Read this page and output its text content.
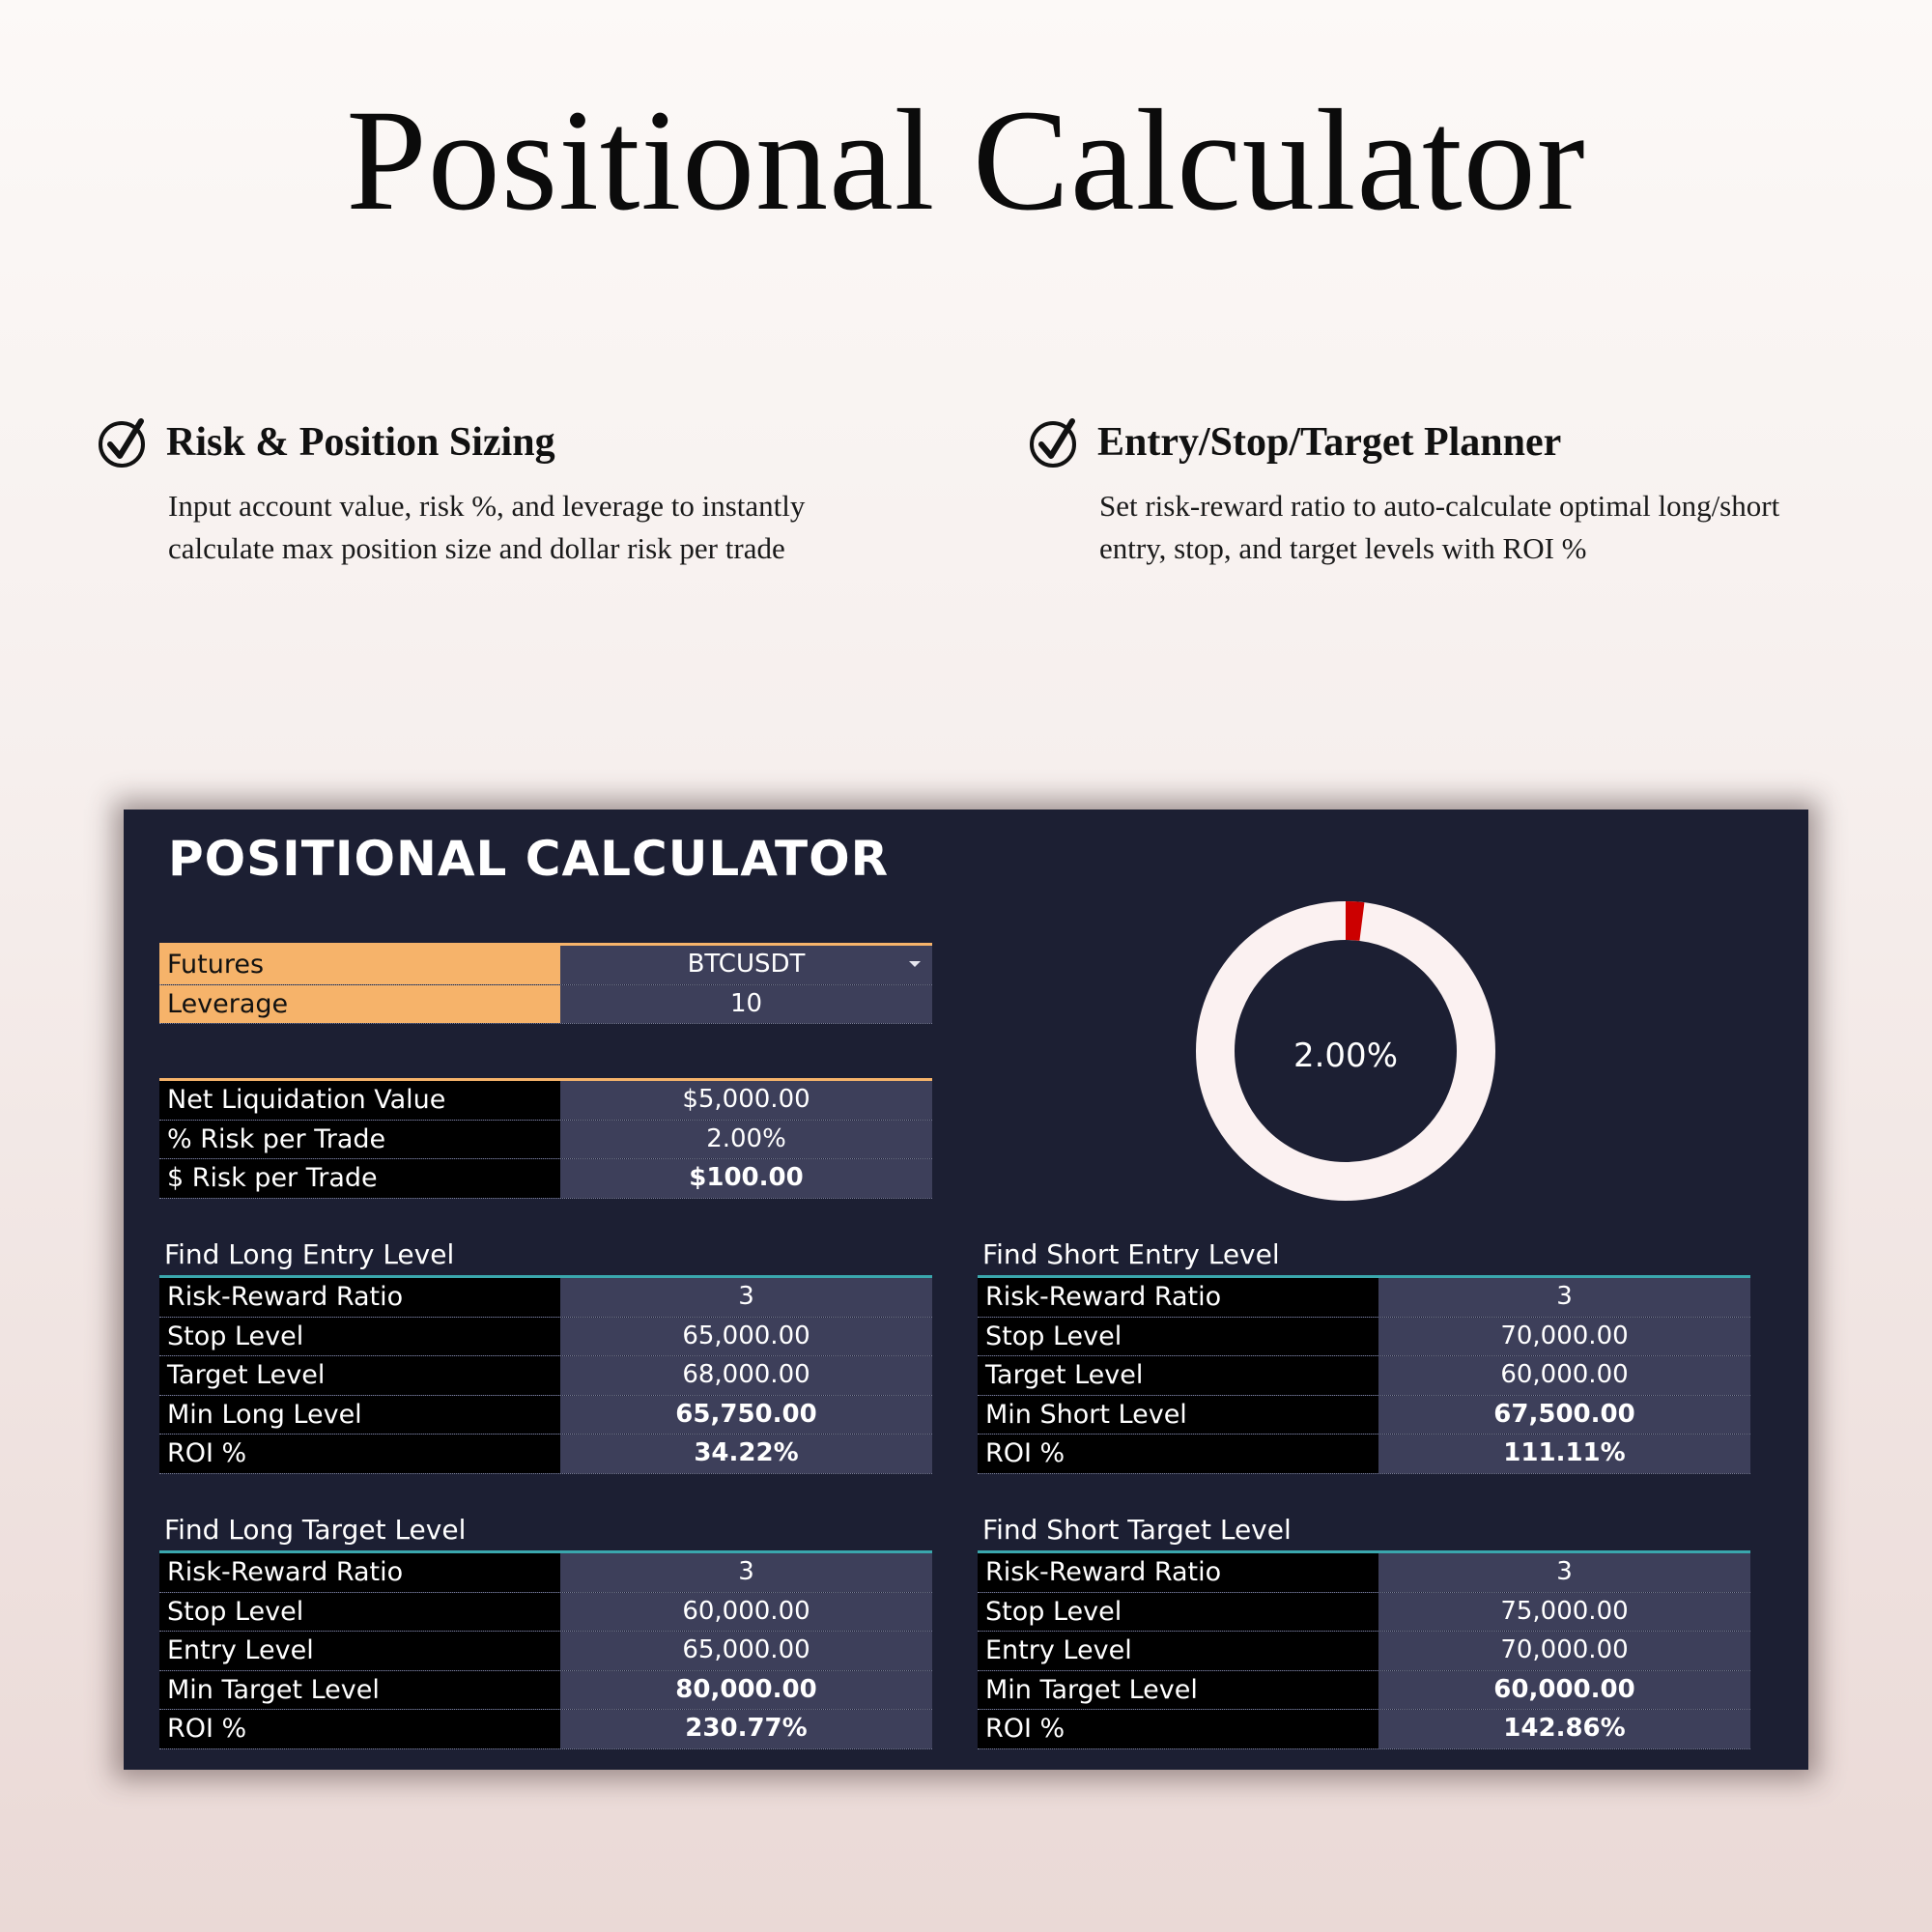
Positional Calculator
Risk & Position Sizing
Input account value, risk %, and leverage to instantly
calculate max position size and dollar risk per trade
Entry/Stop/Target Planner
Set risk-reward ratio to auto-calculate optimal long/short
entry, stop, and target levels with ROI %
POSITIONAL CALCULATOR
Futures	BTCUSDT
Leverage	10
Net Liquidation Value	$5,000.00
% Risk per Trade	2.00%
$ Risk per Trade	$100.00
2.00%
Find Long Entry Level
Risk-Reward Ratio	3
Stop Level	65,000.00
Target Level	68,000.00
Min Long Level	65,750.00
ROI %	34.22%
Find Short Entry Level
Risk-Reward Ratio	3
Stop Level	70,000.00
Target Level	60,000.00
Min Short Level	67,500.00
ROI %	111.11%
Find Long Target Level
Risk-Reward Ratio	3
Stop Level	60,000.00
Entry Level	65,000.00
Min Target Level	80,000.00
ROI %	230.77%
Find Short Target Level
Risk-Reward Ratio	3
Stop Level	75,000.00
Entry Level	70,000.00
Min Target Level	60,000.00
ROI %	142.86%
